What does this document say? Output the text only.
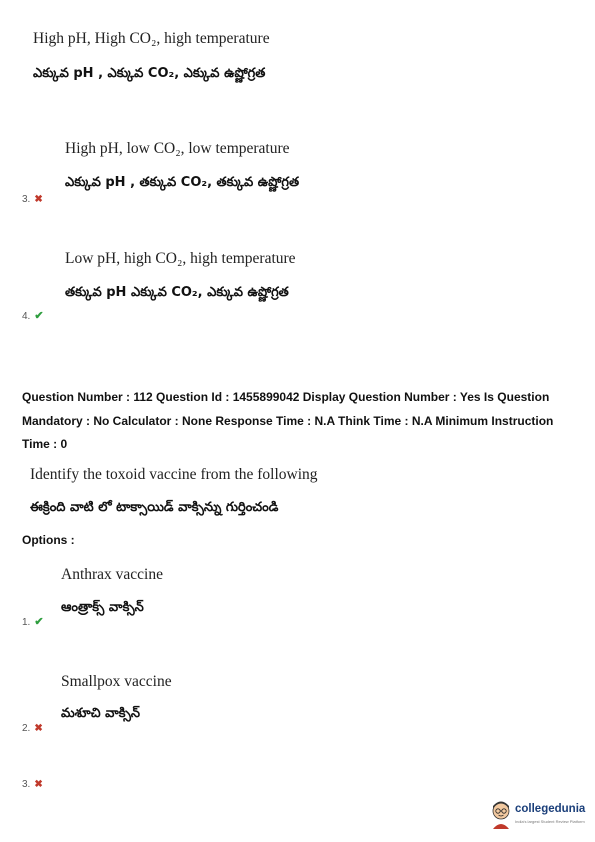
High pH, High CO₂, high temperature
ఎక్కువ pH , ఎక్కువ CO₂, ఎక్కువ ఉష్ణోగ్రత
High pH, low CO₂, low temperature
ఎక్కువ pH , తక్కువ CO₂, తక్కువ ఉష్ణోగ్రత
3. ✖
Low pH, high CO₂, high temperature
తక్కువ pH ఎక్కువ CO₂, ఎక్కువ ఉష్ణోగ్రత
4. ✔
Question Number : 112 Question Id : 1455899042 Display Question Number : Yes Is Question
Mandatory : No Calculator : None Response Time : N.A Think Time : N.A Minimum Instruction
Time : 0
Identify the toxoid vaccine from the following
ఈక్రింది వాటి లో టాక్సాయిడ్ వాక్సిన్ను గుర్తించండి
Options :
Anthrax vaccine
ఆంత్రాక్స్ వాక్సిన్
1. ✔
Smallpox vaccine
మశూచి వాక్సిన్
2. ✖
3. ✖
collegedunia
India's largest Student Review Platform
